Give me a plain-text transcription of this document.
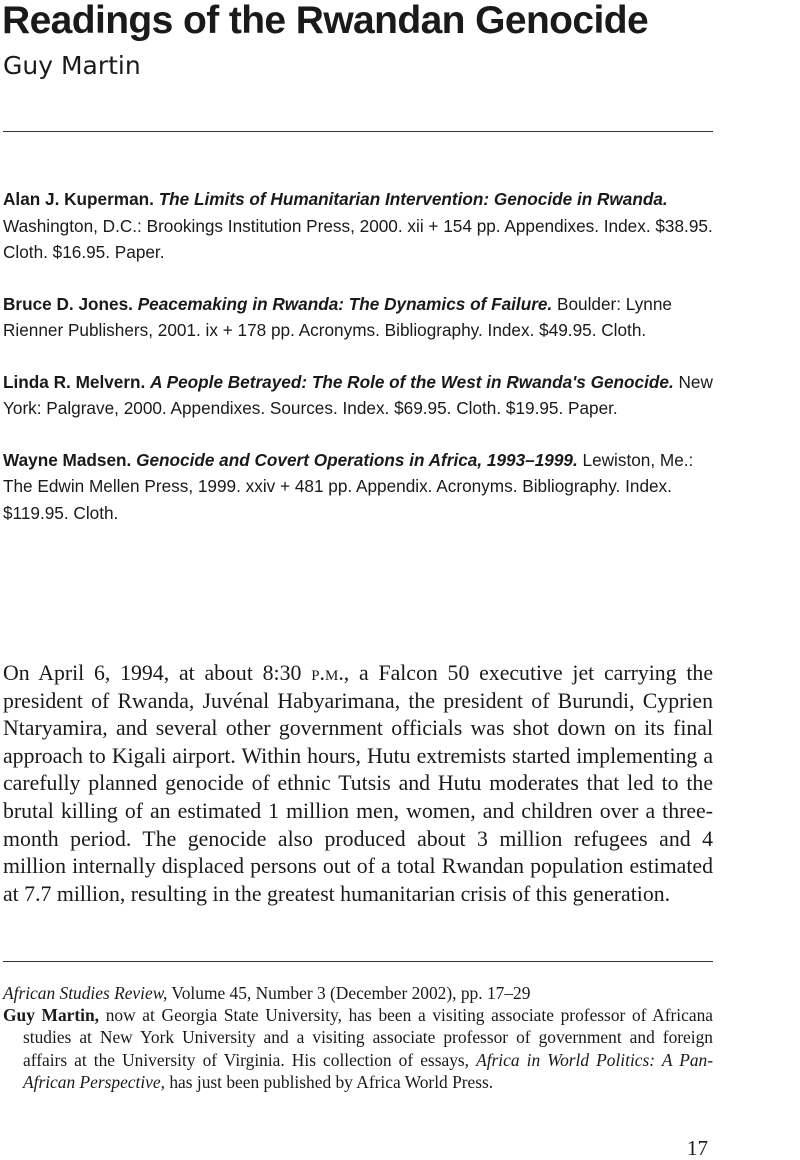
Readings of the Rwandan Genocide
Guy Martin

Alan J. Kuperman. The Limits of Humanitarian Intervention: Genocide in Rwanda. Washington, D.C.: Brookings Institution Press, 2000. xii + 154 pp. Appendixes. Index. $38.95. Cloth. $16.95. Paper.

Bruce D. Jones. Peacemaking in Rwanda: The Dynamics of Failure. Boulder: Lynne Rienner Publishers, 2001. ix + 178 pp. Acronyms. Bibliography. Index. $49.95. Cloth.

Linda R. Melvern. A People Betrayed: The Role of the West in Rwanda's Genocide. New York: Palgrave, 2000. Appendixes. Sources. Index. $69.95. Cloth. $19.95. Paper.

Wayne Madsen. Genocide and Covert Operations in Africa, 1993–1999. Lewiston, Me.: The Edwin Mellen Press, 1999. xxiv + 481 pp. Appendix. Acronyms. Bibliography. Index. $119.95. Cloth.

On April 6, 1994, at about 8:30 p.m., a Falcon 50 executive jet carrying the president of Rwanda, Juvénal Habyarimana, the president of Burundi, Cyprien Ntaryamira, and several other government officials was shot down on its final approach to Kigali airport. Within hours, Hutu extremists started implementing a carefully planned genocide of ethnic Tutsis and Hutu moderates that led to the brutal killing of an estimated 1 million men, women, and children over a three-month period. The genocide also produced about 3 million refugees and 4 million internally displaced persons out of a total Rwandan population estimated at 7.7 million, resulting in the greatest humanitarian crisis of this generation.

African Studies Review, Volume 45, Number 3 (December 2002), pp. 17–29

Guy Martin, now at Georgia State University, has been a visiting associate professor of Africana studies at New York University and a visiting associate professor of government and foreign affairs at the University of Virginia. His collection of essays, Africa in World Politics: A Pan-African Perspective, has just been published by Africa World Press.

17
